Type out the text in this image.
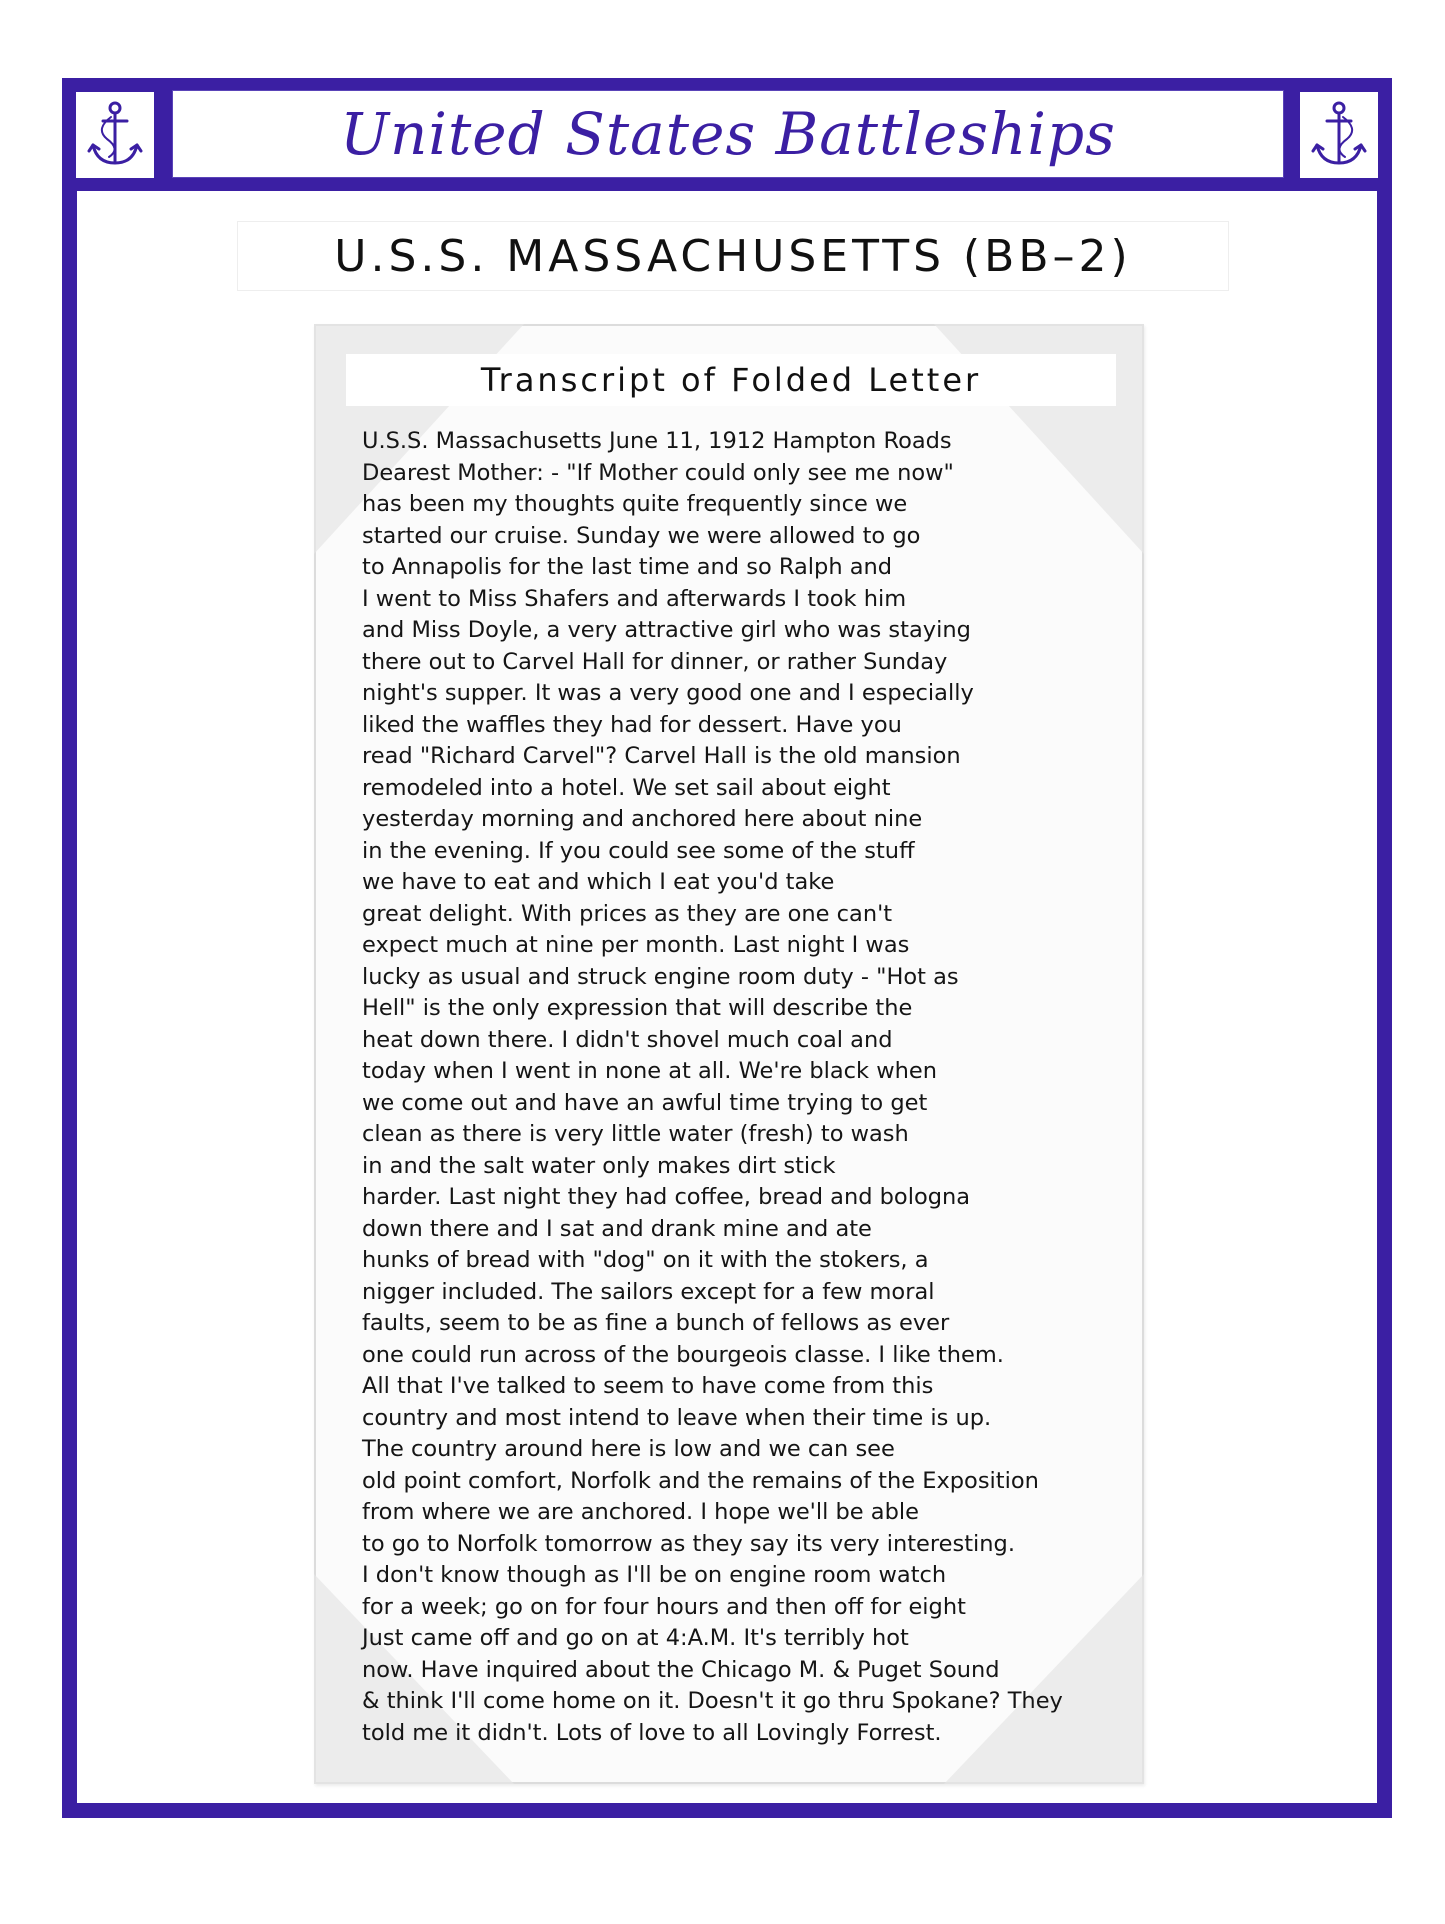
United States Battleships
U.S.S. MASSACHUSETTS (BB–2)
Transcript of Folded Letter
U.S.S. Massachusetts June 11, 1912 Hampton Roads
Dearest Mother: - "If Mother could only see me now"
has been my thoughts quite frequently since we
started our cruise. Sunday we were allowed to go
to Annapolis for the last time and so Ralph and
I went to Miss Shafers and afterwards I took him
and Miss Doyle, a very attractive girl who was staying
there out to Carvel Hall for dinner, or rather Sunday
night's supper. It was a very good one and I especially
liked the waffles they had for dessert. Have you
read "Richard Carvel"? Carvel Hall is the old mansion
remodeled into a hotel. We set sail about eight
yesterday morning and anchored here about nine
in the evening. If you could see some of the stuff
we have to eat and which I eat you'd take
great delight. With prices as they are one can't
expect much at nine per month. Last night I was
lucky as usual and struck engine room duty - "Hot as
Hell" is the only expression that will describe the
heat down there. I didn't shovel much coal and
today when I went in none at all. We're black when
we come out and have an awful time trying to get
clean as there is very little water (fresh) to wash
in and the salt water only makes dirt stick
harder. Last night they had coffee, bread and bologna
down there and I sat and drank mine and ate
hunks of bread with "dog" on it with the stokers, a
nigger included. The sailors except for a few moral
faults, seem to be as fine a bunch of fellows as ever
one could run across of the bourgeois classe. I like them.
All that I've talked to seem to have come from this
country and most intend to leave when their time is up.
The country around here is low and we can see
old point comfort, Norfolk and the remains of the Exposition
from where we are anchored. I hope we'll be able
to go to Norfolk tomorrow as they say its very interesting.
I don't know though as I'll be on engine room watch
for a week; go on for four hours and then off for eight
Just came off and go on at 4:A.M. It's terribly hot
now. Have inquired about the Chicago M. & Puget Sound
& think I'll come home on it. Doesn't it go thru Spokane? They
told me it didn't. Lots of love to all Lovingly Forrest.
